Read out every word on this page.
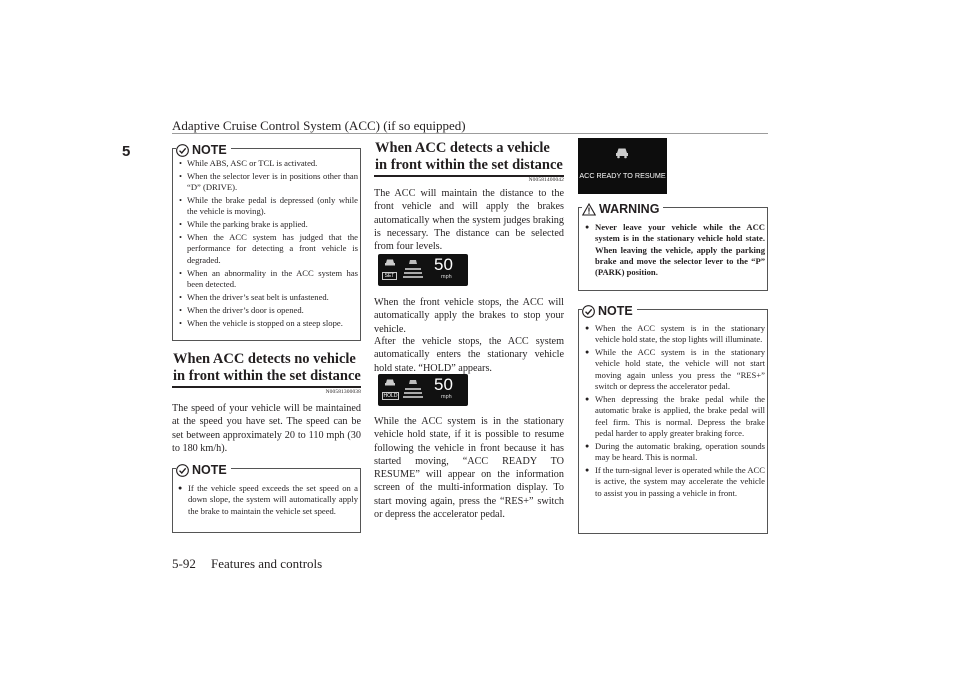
Adaptive Cruise Control System (ACC) (if so equipped)
5	NOTE
• While ABS, ASC or TCL is activated.
• When the selector lever is in positions other than “D” (DRIVE).
• While the brake pedal is depressed (only while the vehicle is moving).
• While the parking brake is applied.
• When the ACC system has judged that the performance for detecting a front vehicle is degraded.
• When an abnormality in the ACC system has been detected.
• When the driver’s seat belt is unfastened.
• When the driver’s door is opened.
• When the vehicle is stopped on a steep slope.
When ACC detects no vehicle in front within the set distance
N00581300038
The speed of your vehicle will be maintained at the speed you have set. The speed can be set between approximately 20 to 110 mph (30 to 180 km/h).
NOTE
● If the vehicle speed exceeds the set speed on a down slope, the system will automatically apply the brake to maintain the vehicle set speed.
When ACC detects a vehicle in front within the set distance
N00581400042
The ACC will maintain the distance to the front vehicle and will apply the brakes automatically when the system judges braking is necessary. The distance can be selected from four levels.
SET
50
mph
When the front vehicle stops, the ACC will automatically apply the brakes to stop your vehicle.
After the vehicle stops, the ACC system automatically enters the stationary vehicle hold state. “HOLD” appears.
HOLD
50
mph
While the ACC system is in the stationary vehicle hold state, if it is possible to resume following the vehicle in front because it has started moving, “ACC READY TO RESUME” will appear on the information screen of the multi-information display. To start moving again, press the “RES+” switch or depress the accelerator pedal.
ACC READY TO RESUME
WARNING
● Never leave your vehicle while the ACC system is in the stationary vehicle hold state. When leaving the vehicle, apply the parking brake and move the selector lever to the “P” (PARK) position.
NOTE
● When the ACC system is in the stationary vehicle hold state, the stop lights will illuminate.
● While the ACC system is in the stationary vehicle hold state, the vehicle will not start moving again unless you press the “RES+” switch or depress the accelerator pedal.
● When depressing the brake pedal while the automatic brake is applied, the brake pedal will feel firm. This is normal. Depress the brake pedal harder to apply greater braking force.
● During the automatic braking, operation sounds may be heard. This is normal.
● If the turn-signal lever is operated while the ACC is active, the system may accelerate the vehicle to assist you in passing a vehicle in front.
5-92 Features and controls
